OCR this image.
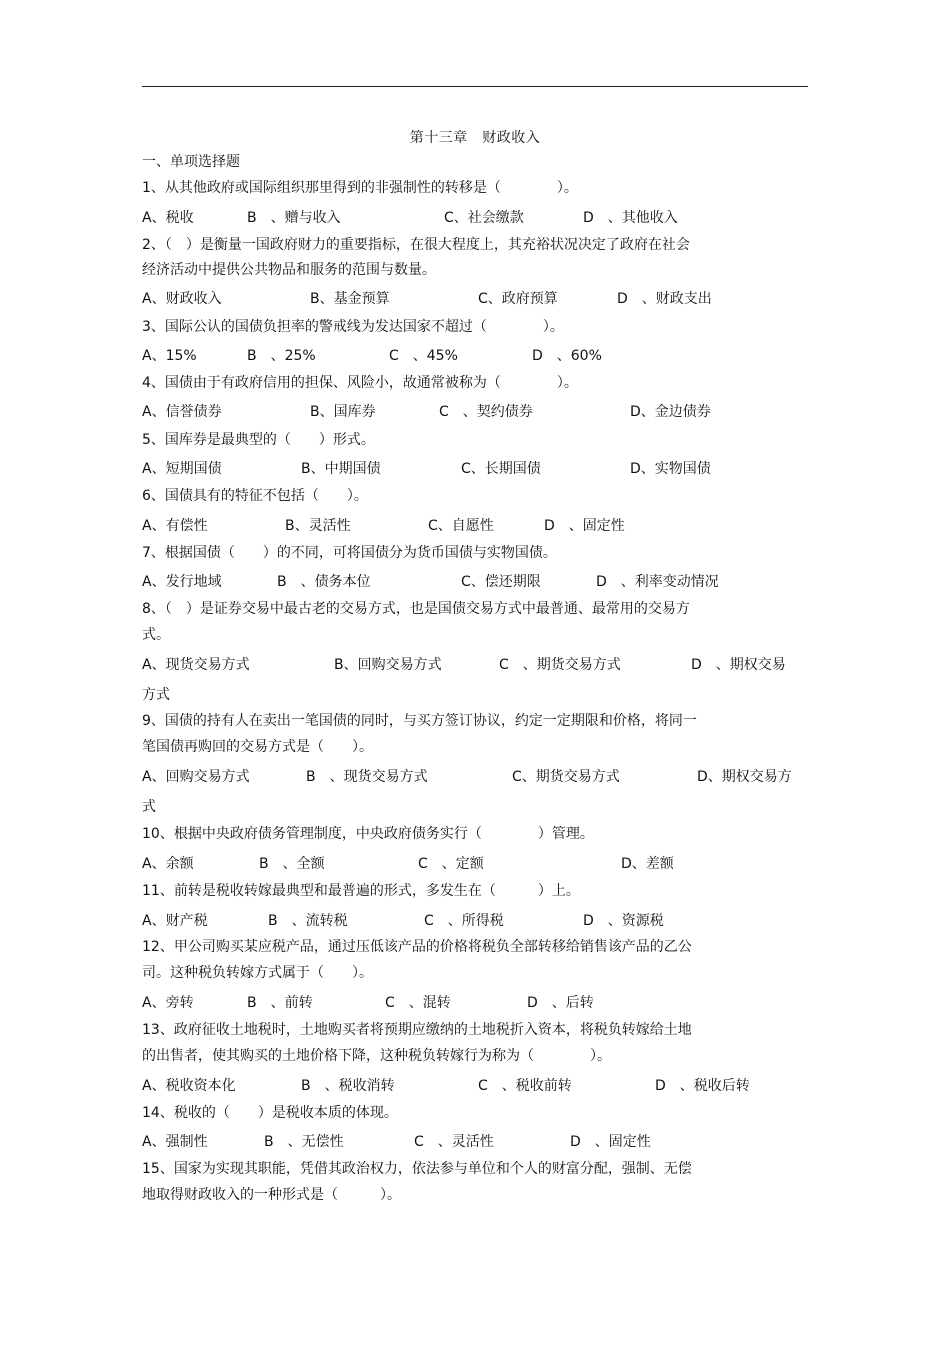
第十三章　财政收入
一、单项选择题
1、从其他政府或国际组织那里得到的非强制性的转移是（　　　　）。
2、（　）是衡量一国政府财力的重要指标，在很大程度上，其充裕状况决定了政府在社会
经济活动中提供公共物品和服务的范围与数量。
3、国际公认的国债负担率的警戒线为发达国家不超过（　　　　）。
4、国债由于有政府信用的担保、风险小，故通常被称为（　　　　）。
5、国库券是最典型的（　　）形式。
6、国债具有的特征不包括（　　）。
7、根据国债（　　）的不同，可将国债分为货币国债与实物国债。
8、（　）是证券交易中最古老的交易方式，也是国债交易方式中最普通、最常用的交易方
式。
方式
9、国债的持有人在卖出一笔国债的同时，与买方签订协议，约定一定期限和价格，将同一
笔国债再购回的交易方式是（　　）。
式
10、根据中央政府债务管理制度，中央政府债务实行（　　　　）管理。
11、前转是税收转嫁最典型和最普遍的形式，多发生在（　　　）上。
12、甲公司购买某应税产品，通过压低该产品的价格将税负全部转移给销售该产品的乙公
司。这种税负转嫁方式属于（　　）。
13、政府征收土地税时，土地购买者将预期应缴纳的土地税折入资本，将税负转嫁给土地
的出售者，使其购买的土地价格下降，这种税负转嫁行为称为（　　　　）。
14、税收的（　　）是税收本质的体现。
15、国家为实现其职能，凭借其政治权力，依法参与单位和个人的财富分配，强制、无偿
地取得财政收入的一种形式是（　　　）。
A、税收	B　、赠与收入	C、社会缴款	D　、其他收入
A、财政收入	B、基金预算	C、政府预算	D　、财政支出
A、15%	B　、25%	C　、45%	D　、60%
A、信誉债券	B、国库券	C　、契约债券	D、金边债券
A、短期国债	B、中期国债	C、长期国债	D、实物国债
A、有偿性	B、灵活性	C、自愿性	D　、固定性
A、发行地域	B　、债务本位	C、偿还期限	D　、利率变动情况
A、现货交易方式	B、回购交易方式	C　、期货交易方式	D　、期权交易
A、回购交易方式	B　、现货交易方式	C、期货交易方式	D、期权交易方
A、余额	B　、全额	C　、定额	D、差额
A、财产税	B　、流转税	C　、所得税	D　、资源税
A、旁转	B　、前转	C　、混转	D　、后转
A、税收资本化	B　、税收消转	C　、税收前转	D　、税收后转
A、强制性	B　、无偿性	C　、灵活性	D　、固定性
